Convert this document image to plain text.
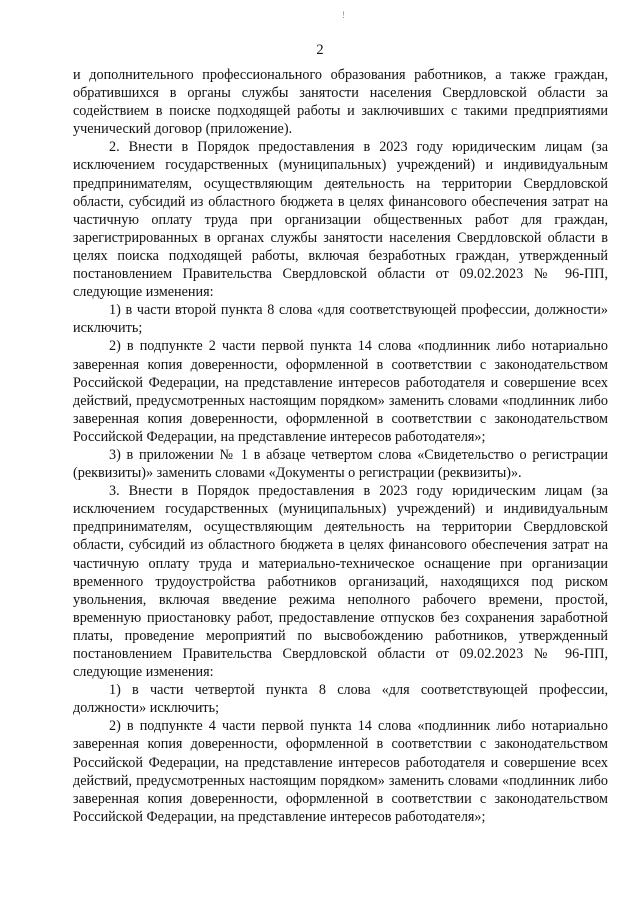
!
2

и дополнительного профессионального образования работников, а также граждан, обратившихся в органы службы занятости населения Свердловской области за содействием в поиске подходящей работы и заключивших с такими предприятиями ученический договор (приложение).

2. Внести в Порядок предоставления в 2023 году юридическим лицам (за исключением государственных (муниципальных) учреждений) и индивидуальным предпринимателям, осуществляющим деятельность на территории Свердловской области, субсидий из областного бюджета в целях финансового обеспечения затрат на частичную оплату труда при организации общественных работ для граждан, зарегистрированных в органах службы занятости населения Свердловской области в целях поиска подходящей работы, включая безработных граждан, утвержденный постановлением Правительства Свердловской области от 09.02.2023 № 96-ПП, следующие изменения:

1) в части второй пункта 8 слова «для соответствующей профессии, должности» исключить;

2) в подпункте 2 части первой пункта 14 слова «подлинник либо нотариально заверенная копия доверенности, оформленной в соответствии с законодательством Российской Федерации, на представление интересов работодателя и совершение всех действий, предусмотренных настоящим порядком» заменить словами «подлинник либо заверенная копия доверенности, оформленной в соответствии с законодательством Российской Федерации, на представление интересов работодателя»;

3) в приложении № 1 в абзаце четвертом слова «Свидетельство о регистрации (реквизиты)» заменить словами «Документы о регистрации (реквизиты)».

3. Внести в Порядок предоставления в 2023 году юридическим лицам (за исключением государственных (муниципальных) учреждений) и индивидуальным предпринимателям, осуществляющим деятельность на территории Свердловской области, субсидий из областного бюджета в целях финансового обеспечения затрат на частичную оплату труда и материально-техническое оснащение при организации временного трудоустройства работников организаций, находящихся под риском увольнения, включая введение режима неполного рабочего времени, простой, временную приостановку работ, предоставление отпусков без сохранения заработной платы, проведение мероприятий по высвобождению работников, утвержденный постановлением Правительства Свердловской области от 09.02.2023 № 96-ПП, следующие изменения:

1) в части четвертой пункта 8 слова «для соответствующей профессии, должности» исключить;

2) в подпункте 4 части первой пункта 14 слова «подлинник либо нотариально заверенная копия доверенности, оформленной в соответствии с законодательством Российской Федерации, на представление интересов работодателя и совершение всех действий, предусмотренных настоящим порядком» заменить словами «подлинник либо заверенная копия доверенности, оформленной в соответствии с законодательством Российской Федерации, на представление интересов работодателя»;
